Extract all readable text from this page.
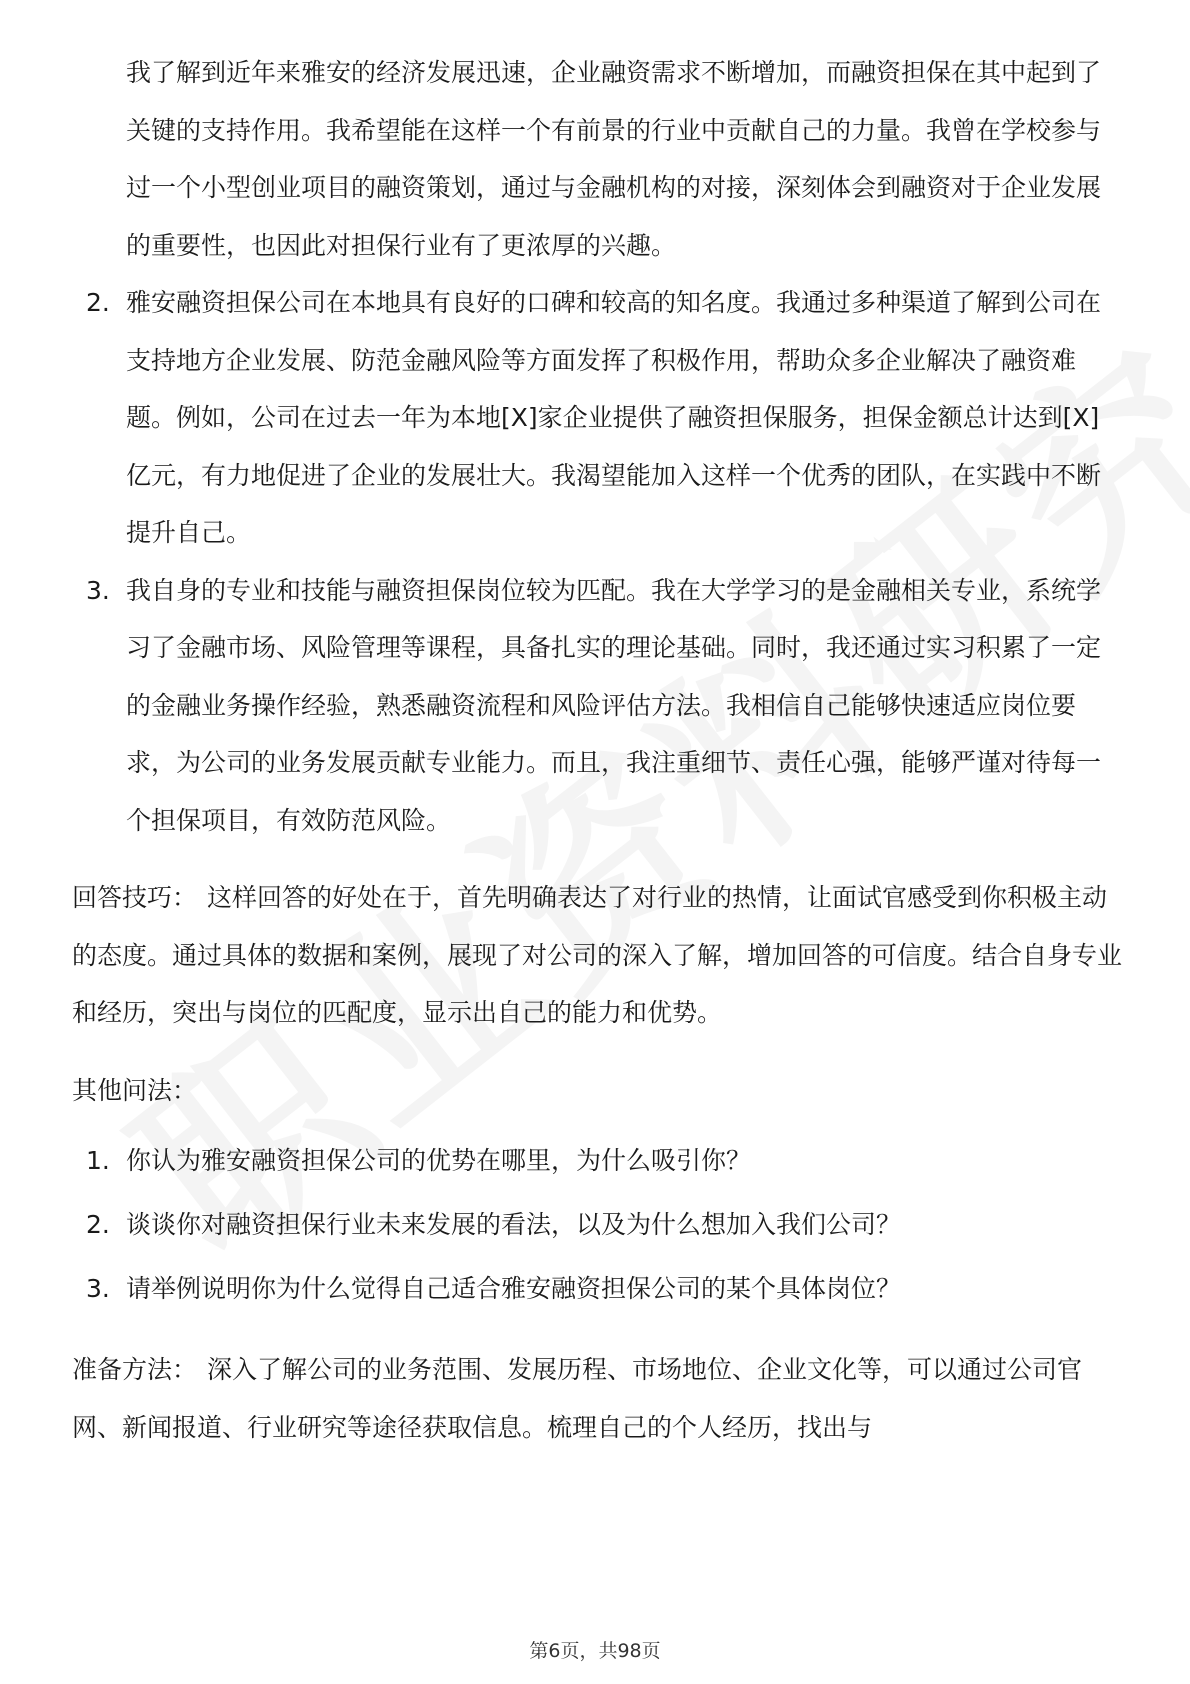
我了解到近年来雅安的经济发展迅速，企业融资需求不断增加，而融资担保在其中起到了关键的支持作用。我希望能在这样一个有前景的行业中贡献自己的力量。我曾在学校参与过一个小型创业项目的融资策划，通过与金融机构的对接，深刻体会到融资对于企业发展的重要性，也因此对担保行业有了更浓厚的兴趣。

2. 雅安融资担保公司在本地具有良好的口碑和较高的知名度。我通过多种渠道了解到公司在支持地方企业发展、防范金融风险等方面发挥了积极作用，帮助众多企业解决了融资难题。例如，公司在过去一年为本地[X]家企业提供了融资担保服务，担保金额总计达到[X]亿元，有力地促进了企业的发展壮大。我渴望能加入这样一个优秀的团队，在实践中不断提升自己。
3. 我自身的专业和技能与融资担保岗位较为匹配。我在大学学习的是金融相关专业，系统学习了金融市场、风险管理等课程，具备扎实的理论基础。同时，我还通过实习积累了一定的金融业务操作经验，熟悉融资流程和风险评估方法。我相信自己能够快速适应岗位要求，为公司的业务发展贡献专业能力。而且，我注重细节、责任心强，能够严谨对待每一个担保项目，有效防范风险。

回答技巧： 这样回答的好处在于，首先明确表达了对行业的热情，让面试官感受到你积极主动的态度。通过具体的数据和案例，展现了对公司的深入了解，增加回答的可信度。结合自身专业和经历，突出与岗位的匹配度，显示出自己的能力和优势。

其他问法：

1. 你认为雅安融资担保公司的优势在哪里，为什么吸引你？
2. 谈谈你对融资担保行业未来发展的看法，以及为什么想加入我们公司？
3. 请举例说明你为什么觉得自己适合雅安融资担保公司的某个具体岗位？

准备方法： 深入了解公司的业务范围、发展历程、市场地位、企业文化等，可以通过公司官网、新闻报道、行业研究等途径获取信息。梳理自己的个人经历，找出与

第6页，共98页
